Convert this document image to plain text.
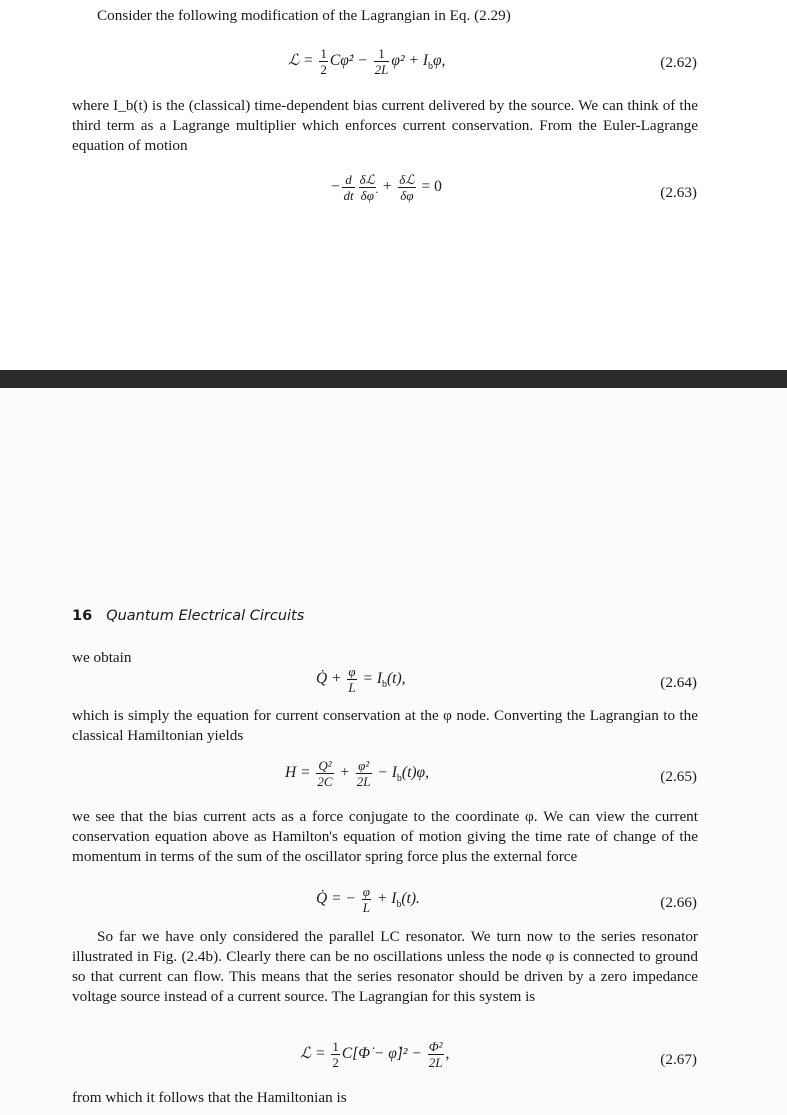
Consider the following modification of the Lagrangian in Eq. (2.29)
ℒ = $\frac{1}{2}$ Cφ̇² − $\frac{1}{2L} \varphi^2 + I_b\varphi$,	(2.62)
where I_b(t) is the (classical) time-dependent bias current delivered by the source. We can think of the third term as a Lagrange multiplier which enforces current conservation. From the Euler-Lagrange equation of motion
− $\frac{d}{dt} \frac{\text{δℒ}}{\delta\varphi̇} + \frac{\text{δℒ}}{\delta\varphi} = 0$	(2.63)
16 Quantum Electrical Circuits
we obtain
Q̇ + $\frac{\varphi}{L} = I_b(t)$,	(2.64)
which is simply the equation for current conservation at the φ node. Converting the Lagrangian to the classical Hamiltonian yields
$H = \frac{\text{Q²}}{2C} + \frac{\text{φ²}}{2L} - I_b(t)\varphi$,	(2.65)
we see that the bias current acts as a force conjugate to the coordinate φ. We can view the current conservation equation above as Hamilton's equation of motion giving the time rate of change of the momentum in terms of the sum of the oscillator spring force plus the external force
Q̇ = − $\frac{\varphi}{L} + I_b(t)$.	(2.66)
So far we have only considered the parallel LC resonator. We turn now to the series resonator illustrated in Fig. (2.4b). Clearly there can be no oscillations unless the node φ is connected to ground so that current can flow. This means that the series resonator should be driven by a zero impedance voltage source instead of a current source. The Lagrangian for this system is
ℒ = $\frac{1}{2}$ C[Φ̇ − φ̇]² − $\frac{\text{Φ²}}{2L}$ ,	(2.67)
from which it follows that the Hamiltonian is
